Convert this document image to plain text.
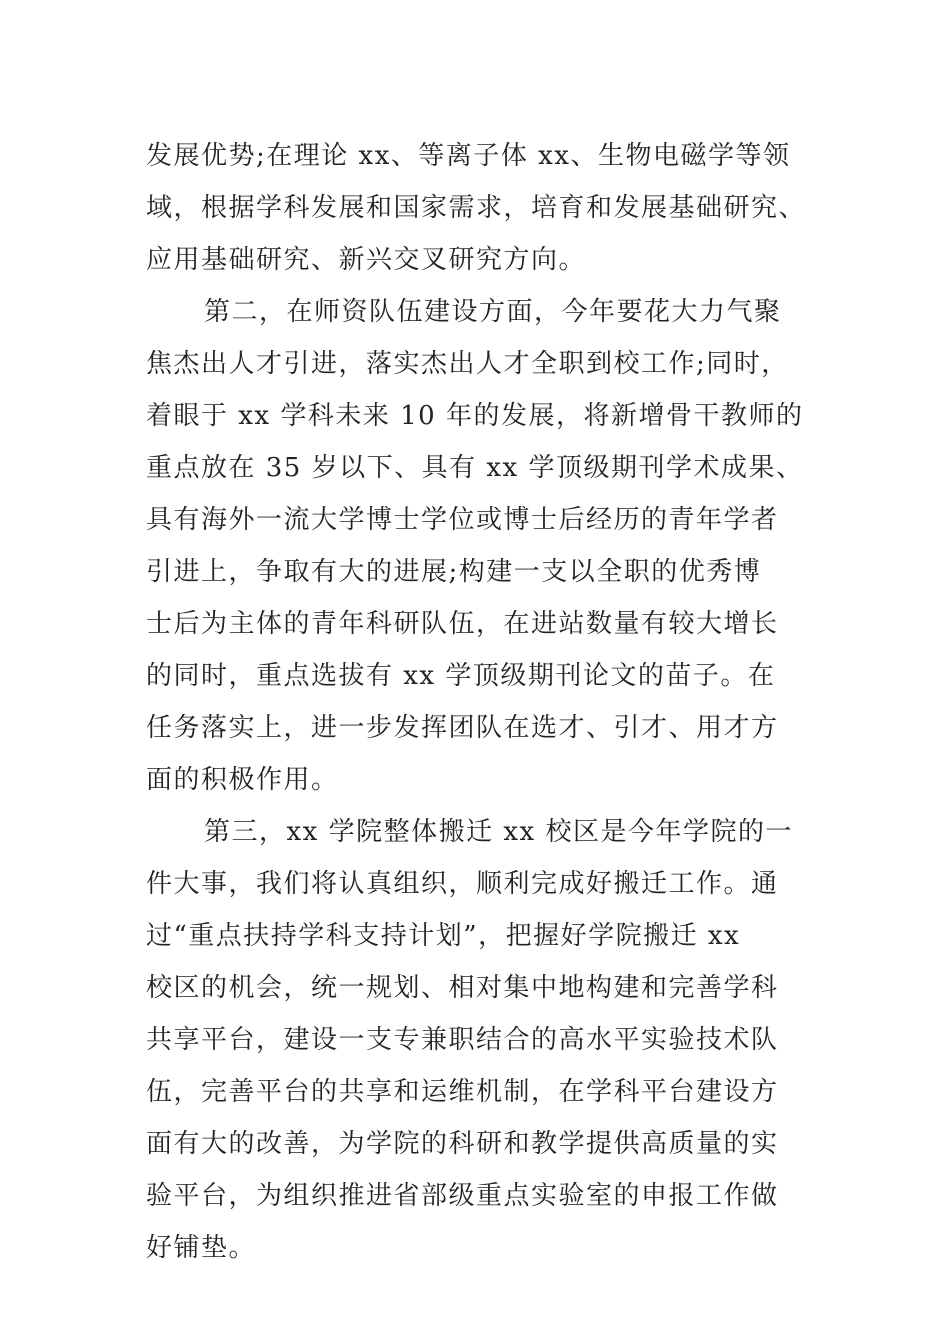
发展优势;在理论 xx、等离子体 xx、生物电磁学等领
域，根据学科发展和国家需求，培育和发展基础研究、
应用基础研究、新兴交叉研究方向。
第二，在师资队伍建设方面，今年要花大力气聚
焦杰出人才引进，落实杰出人才全职到校工作;同时，
着眼于 xx 学科未来 10 年的发展，将新增骨干教师的
重点放在 35 岁以下、具有 xx 学顶级期刊学术成果、
具有海外一流大学博士学位或博士后经历的青年学者
引进上，争取有大的进展;构建一支以全职的优秀博
士后为主体的青年科研队伍，在进站数量有较大增长
的同时，重点选拔有 xx 学顶级期刊论文的苗子。在
任务落实上，进一步发挥团队在选才、引才、用才方
面的积极作用。
第三，xx 学院整体搬迁 xx 校区是今年学院的一
件大事，我们将认真组织，顺利完成好搬迁工作。通
过“重点扶持学科支持计划”，把握好学院搬迁 xx
校区的机会，统一规划、相对集中地构建和完善学科
共享平台，建设一支专兼职结合的高水平实验技术队
伍，完善平台的共享和运维机制，在学科平台建设方
面有大的改善，为学院的科研和教学提供高质量的实
验平台，为组织推进省部级重点实验室的申报工作做
好铺垫。
